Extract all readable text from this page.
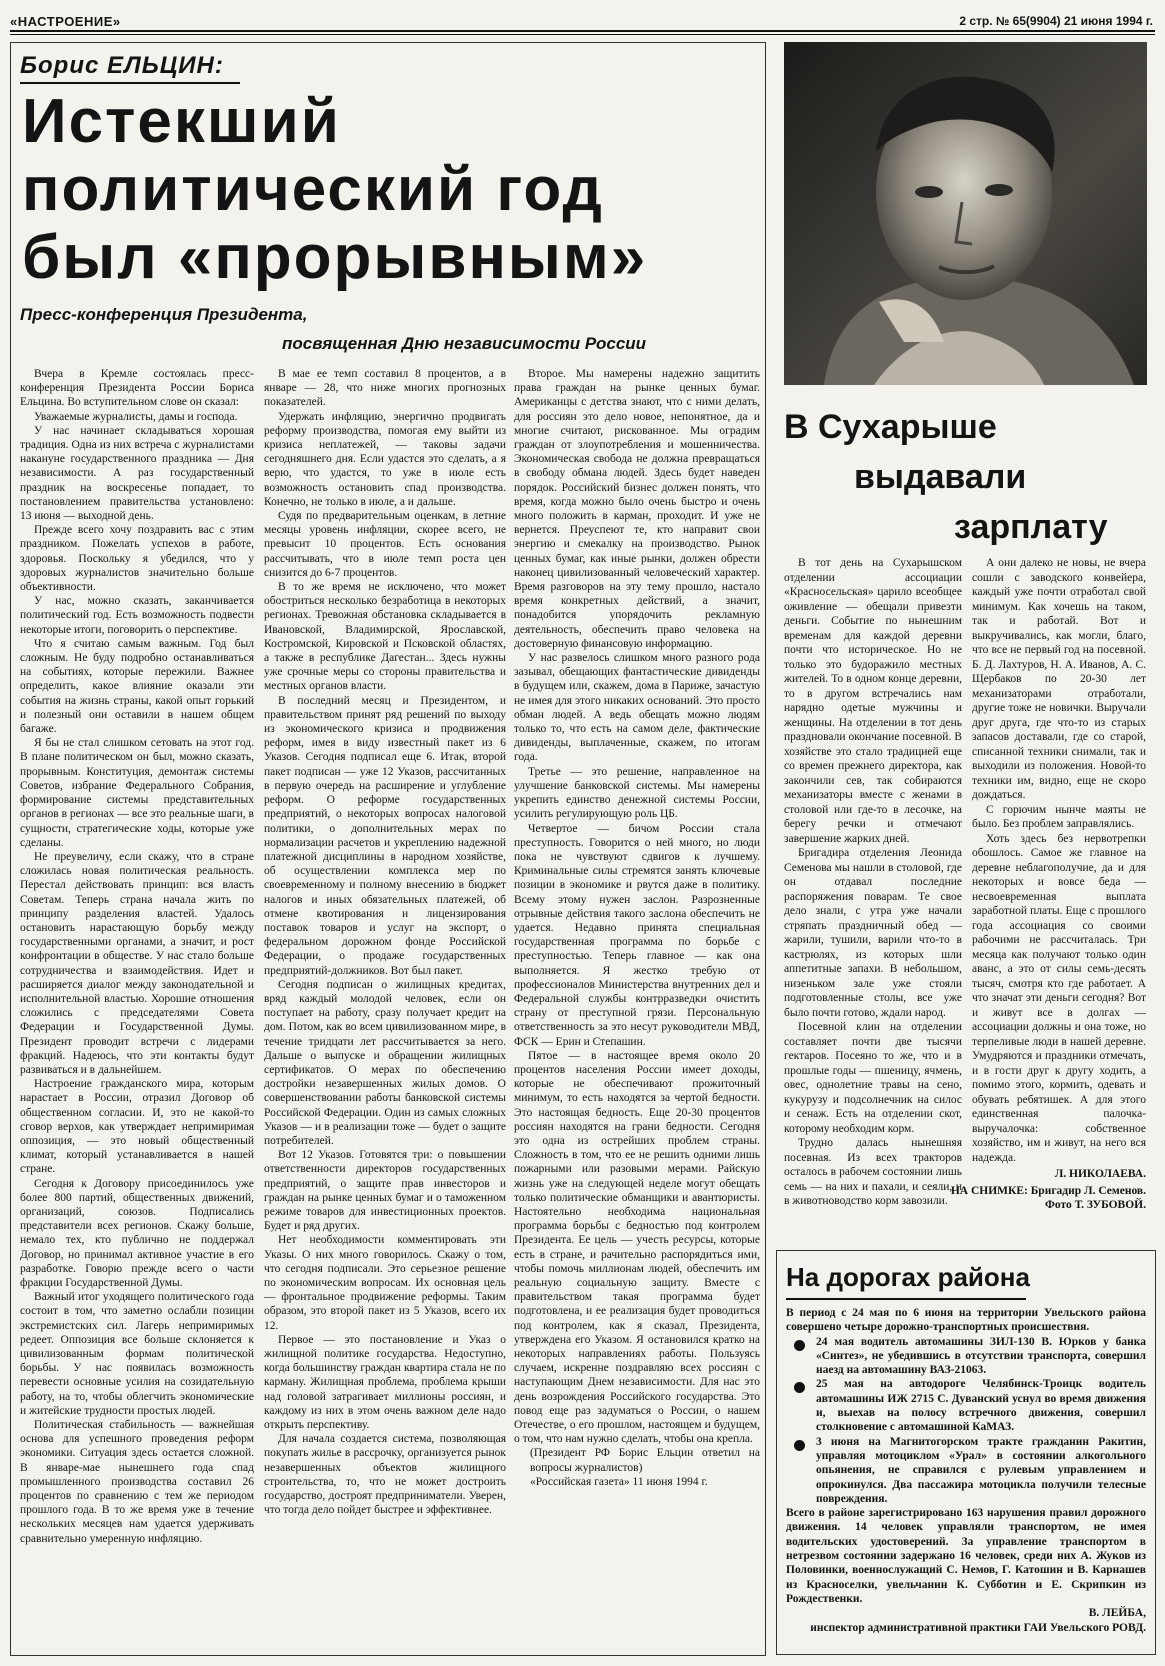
«НАСТРОЕНИЕ»	2 стр. № 65(9904) 21 июня 1994 г.
Борис ЕЛЬЦИН:
Истекший
политический год
был «прорывным»
Пресс-конференция Президента,
посвященная Дню независимости России

Вчера в Кремле состоялась пресс-конференция Президента России Бориса Ельцина. Во вступительном слове он сказал:

Уважаемые журналисты, дамы и господа.

У нас начинает складываться хорошая традиция. Одна из них встреча с журналистами накануне государственного праздника — Дня независимости. А раз государственный праздник на воскресенье попадает, то постановлением правительства установлено: 13 июня — выходной день.

Прежде всего хочу поздравить вас с этим праздником. Пожелать успехов в работе, здоровья. Поскольку я убедился, что у здоровых журналистов значительно больше объективности.

У нас, можно сказать, заканчивается политический год. Есть возможность подвести некоторые итоги, поговорить о перспективе.

Что я считаю самым важным. Год был сложным. Не буду подробно останавливаться на событиях, которые пережили. Важнее определить, какое влияние оказали эти события на жизнь страны, какой опыт горький и полезный они оставили в нашем общем багаже.

Я бы не стал слишком сетовать на этот год. В плане политическом он был, можно сказать, прорывным. Конституция, демонтаж системы Советов, избрание Федерального Собрания, формирование системы представительных органов в регионах — все это реальные шаги, в сущности, стратегические ходы, которые уже сделаны.

Не преувеличу, если скажу, что в стране сложилась новая политическая реальность. Перестал действовать принцип: вся власть Советам. Теперь страна начала жить по принципу разделения властей. Удалось остановить нарастающую борьбу между государственными органами, а значит, и рост конфронтации в обществе. У нас стало больше сотрудничества и взаимодействия. Идет и расширяется диалог между законодательной и исполнительной властью. Хорошие отношения сложились с председателями Совета Федерации и Государственной Думы. Президент проводит встречи с лидерами фракций. Надеюсь, что эти контакты будут развиваться и в дальнейшем.

Настроение гражданского мира, которым нарастает в России, отразил Договор об общественном согласии. И, это не какой-то сговор верхов, как утверждает непримиримая оппозиция, — это новый общественный климат, который устанавливается в нашей стране.

Сегодня к Договору присоединилось уже более 800 партий, общественных движений, организаций, союзов. Подписались представители всех регионов. Скажу больше, немало тех, кто публично не поддержал Договор, но принимал активное участие в его разработке. Говорю прежде всего о части фракции Государственной Думы.

Важный итог уходящего политического года состоит в том, что заметно ослабли позиции экстремистских сил. Лагерь непримиримых редеет. Оппозиция все больше склоняется к цивилизованным формам политической борьбы. У нас появилась возможность перевести основные усилия на созидательную работу, на то, чтобы облегчить экономические и житейские трудности простых людей.

Политическая стабильность — важнейшая основа для успешного проведения реформ экономики. Ситуация здесь остается сложной. В январе-мае нынешнего года спад промышленного производства составил 26 процентов по сравнению с тем же периодом прошлого года. В то же время уже в течение нескольких месяцев нам удается удерживать сравнительно умеренную инфляцию.

В мае ее темп составил 8 процентов, а в январе — 28, что ниже многих прогнозных показателей.

Удержать инфляцию, энергично продвигать реформу производства, помогая ему выйти из кризиса неплатежей, — таковы задачи сегодняшнего дня. Если удастся это сделать, а я верю, что удастся, то уже в июле есть возможность остановить спад производства. Конечно, не только в июле, а и дальше.

Судя по предварительным оценкам, в летние месяцы уровень инфляции, скорее всего, не превысит 10 процентов. Есть основания рассчитывать, что в июле темп роста цен снизится до 6-7 процентов.

В то же время не исключено, что может обостриться несколько безработица в некоторых регионах. Тревожная обстановка складывается в Ивановской, Владимирской, Ярославской, Костромской, Кировской и Псковской областях, а также в республике Дагестан... Здесь нужны уже срочные меры со стороны правительства и местных органов власти.

В последний месяц и Президентом, и правительством принят ряд решений по выходу из экономического кризиса и продвижения реформ, имея в виду известный пакет из 6 Указов. Сегодня подписал еще 6. Итак, второй пакет подписан — уже 12 Указов, рассчитанных в первую очередь на расширение и углубление реформ. О реформе государственных предприятий, о некоторых вопросах налоговой политики, о дополнительных мерах по нормализации расчетов и укреплению надежной платежной дисциплины в народном хозяйстве, об осуществлении комплекса мер по своевременному и полному внесению в бюджет налогов и иных обязательных платежей, об отмене квотирования и лицензирования поставок товаров и услуг на экспорт, о федеральном дорожном фонде Российской Федерации, о продаже государственных предприятий-должников. Вот был пакет.

Сегодня подписан о жилищных кредитах, вряд каждый молодой человек, если он поступает на работу, сразу получает кредит на дом. Потом, как во всем цивилизованном мире, в течение тридцати лет рассчитывается за него. Дальше о выпуске и обращении жилищных сертификатов. О мерах по обеспечению достройки незавершенных жилых домов. О совершенствовании работы банковской системы Российской Федерации. Один из самых сложных Указов — и в реализации тоже — будет о защите потребителей.

Вот 12 Указов. Готовятся три: о повышении ответственности директоров государственных предприятий, о защите прав инвесторов и граждан на рынке ценных бумаг и о таможенном режиме товаров для инвестиционных проектов. Будет и ряд других.

Нет необходимости комментировать эти Указы. О них много говорилось. Скажу о том, что сегодня подписали. Это серьезное решение по экономическим вопросам. Их основная цель — фронтальное продвижение реформы. Таким образом, это второй пакет из 5 Указов, всего их 12.

Первое — это постановление и Указ о жилищной политике государства. Недоступно, когда большинству граждан квартира стала не по карману. Жилищная проблема, проблема крыши над головой затрагивает миллионы россиян, и каждому из них в этом очень важном деле надо открыть перспективу.

Для начала создается система, позволяющая покупать жилье в рассрочку, организуется рынок незавершенных объектов жилищного строительства, то, что не может достроить государство, достроят предприниматели. Уверен, что тогда дело пойдет быстрее и эффективнее.

Второе. Мы намерены надежно защитить права граждан на рынке ценных бумаг. Американцы с детства знают, что с ними делать, для россиян это дело новое, непонятное, да и многие считают, рискованное. Мы оградим граждан от злоупотребления и мошенничества. Экономическая свобода не должна превращаться в свободу обмана людей. Здесь будет наведен порядок. Российский бизнес должен понять, что время, когда можно было очень быстро и очень много положить в карман, проходит. И уже не вернется. Преуспеют те, кто направит свои энергию и смекалку на производство. Рынок ценных бумаг, как иные рынки, должен обрести наконец цивилизованный человеческий характер. Время разговоров на эту тему прошло, настало время конкретных действий, а значит, понадобится упорядочить рекламную деятельность, обеспечить право человека на достоверную финансовую информацию.

У нас развелось слишком много разного рода зазывал, обещающих фантастические дивиденды в будущем или, скажем, дома в Париже, зачастую не имея для этого никаких оснований. Это просто обман людей. А ведь обещать можно людям только то, что есть на самом деле, фактические дивиденды, выплаченные, скажем, по итогам года.

Третье — это решение, направленное на улучшение банковской системы. Мы намерены укрепить единство денежной системы России, усилить регулирующую роль ЦБ.

Четвертое — бичом России стала преступность. Говорится о ней много, но люди пока не чувствуют сдвигов к лучшему. Криминальные силы стремятся занять ключевые позиции в экономике и рвутся даже в политику. Всему этому нужен заслон. Разрозненные отрывные действия такого заслона обеспечить не удается. Недавно принята специальная государственная программа по борьбе с преступностью. Теперь главное — как она выполняется. Я жестко требую от профессионалов Министерства внутренних дел и Федеральной службы контрразведки очистить страну от преступной грязи. Персональную ответственность за это несут руководители МВД, ФСК — Ерин и Степашин.

Пятое — в настоящее время около 20 процентов населения России имеет доходы, которые не обеспечивают прожиточный минимум, то есть находятся за чертой бедности. Это настоящая бедность. Еще 20-30 процентов россиян находятся на грани бедности. Сегодня это одна из острейших проблем страны. Сложность в том, что ее не решить одними лишь пожарными или разовыми мерами. Райскую жизнь уже на следующей неделе могут обещать только политические обманщики и авантюристы. Настоятельно необходима национальная программа борьбы с бедностью под контролем Президента. Ее цель — учесть ресурсы, которые есть в стране, и рачительно распорядиться ими, чтобы помочь миллионам людей, обеспечить им реальную социальную защиту. Вместе с правительством такая программа будет подготовлена, и ее реализация будет проводиться под контролем, как я сказал, Президента, утверждена его Указом. Я остановился кратко на некоторых направлениях работы. Пользуясь случаем, искренне поздравляю всех россиян с наступающим Днем независимости. Для нас это день возрождения Российского государства. Это повод еще раз задуматься о России, о нашем Отечестве, о его прошлом, настоящем и будущем, о том, что нам нужно сделать, чтобы она крепла.

(Президент РФ Борис Ельцин ответил на вопросы журналистов)

«Российская газета» 11 июня 1994 г.

В Сухарыше
выдавали
зарплату

В тот день на Сухарышском отделении ассоциации «Красносельская» царило всеобщее оживление — обещали привезти деньги. Событие по нынешним временам для каждой деревни почти что историческое. Но не только это будоражило местных жителей. То в одном конце деревни, то в другом встречались нам нарядно одетые мужчины и женщины. На отделении в тот день праздновали окончание посевной. В хозяйстве это стало традицией еще со времен прежнего директора, как закончили сев, так собираются механизаторы вместе с женами в столовой или где-то в лесочке, на берегу речки и отмечают завершение жарких дней.

Бригадира отделения Леонида Семенова мы нашли в столовой, где он отдавал последние распоряжения поварам. Те свое дело знали, с утра уже начали стряпать праздничный обед — жарили, тушили, варили что-то в кастрюлях, из которых шли аппетитные запахи. В небольшом, низеньком зале уже стояли подготовленные столы, все уже было почти готово, ждали народ.

Посевной клин на отделении составляет почти две тысячи гектаров. Посеяно то же, что и в прошлые годы — пшеницу, ячмень, овес, однолетние травы на сено, кукурузу и подсолнечник на силос и сенаж. Есть на отделении скот, которому необходим корм.

Трудно далась нынешняя посевная. Из всех тракторов осталось в рабочем состоянии лишь семь — на них и пахали, и сеяли, и в животноводство корм завозили.

А они далеко не новы, не вчера сошли с заводского конвейера, каждый уже почти отработал свой минимум. Как хочешь на таком, так и работай. Вот и выкручивались, как могли, благо, что все не первый год на посевной. Б. Д. Лахтуров, Н. А. Иванов, А. С. Щербаков по 20-30 лет механизаторами отработали, другие тоже не новички. Выручали друг друга, где что-то из старых запасов доставали, где со старой, списанной техники снимали, так и выходили из положения. Новой-то техники им, видно, еще не скоро дождаться.

С горючим нынче маяты не было. Без проблем заправлялись.

Хоть здесь без нервотрепки обошлось. Самое же главное на деревне неблагополучие, да и для некоторых и вовсе беда — несвоевременная выплата заработной платы. Еще с прошлого года ассоциация со своими рабочими не рассчиталась. Три месяца как получают только один аванс, а это от силы семь-десять тысяч, смотря кто где работает. А что значат эти деньги сегодня? Вот и живут все в долгах — ассоциации должны и она тоже, но терпеливые люди в нашей деревне. Умудряются и праздники отмечать, и в гости друг к другу ходить, а помимо этого, кормить, одевать и обувать ребятишек. А для этого единственная палочка-выручалочка: собственное хозяйство, им и живут, на него вся надежда.

Л. НИКОЛАЕВА.
НА СНИМКЕ: Бригадир Л. Семенов.
Фото Т. ЗУБОВОЙ.
На дорогах района

В период с 24 мая по 6 июня на территории Увельского района совершено четыре дорожно-транспортных происшествия.

24 мая водитель автомашины ЗИЛ-130 В. Юрков у банка «Синтез», не убедившись в отсутствии транспорта, совершил наезд на автомашину ВАЗ-21063.

25 мая на автодороге Челябинск-Троицк водитель автомашины ИЖ 2715 С. Дуванский уснул во время движения и, выехав на полосу встречного движения, совершил столкновение с автомашиной КаМАЗ.

3 июня на Магнитогорском тракте гражданин Ракитин, управляя мотоциклом «Урал» в состоянии алкогольного опьянения, не справился с рулевым управлением и опрокинулся. Два пассажира мотоцикла получили телесные повреждения.

Всего в районе зарегистрировано 163 нарушения правил дорожного движения. 14 человек управляли транспортом, не имея водительских удостоверений. За управление транспортом в нетрезвом состоянии задержано 16 человек, среди них А. Жуков из Половинки, военнослужащий С. Немов, Г. Катошин и В. Карнашев из Красноселки, увельчанин К. Субботин и Е. Скрипкин из Рождественки.

В. ЛЕЙБА,

инспектор административной практики ГАИ Увельского РОВД.
